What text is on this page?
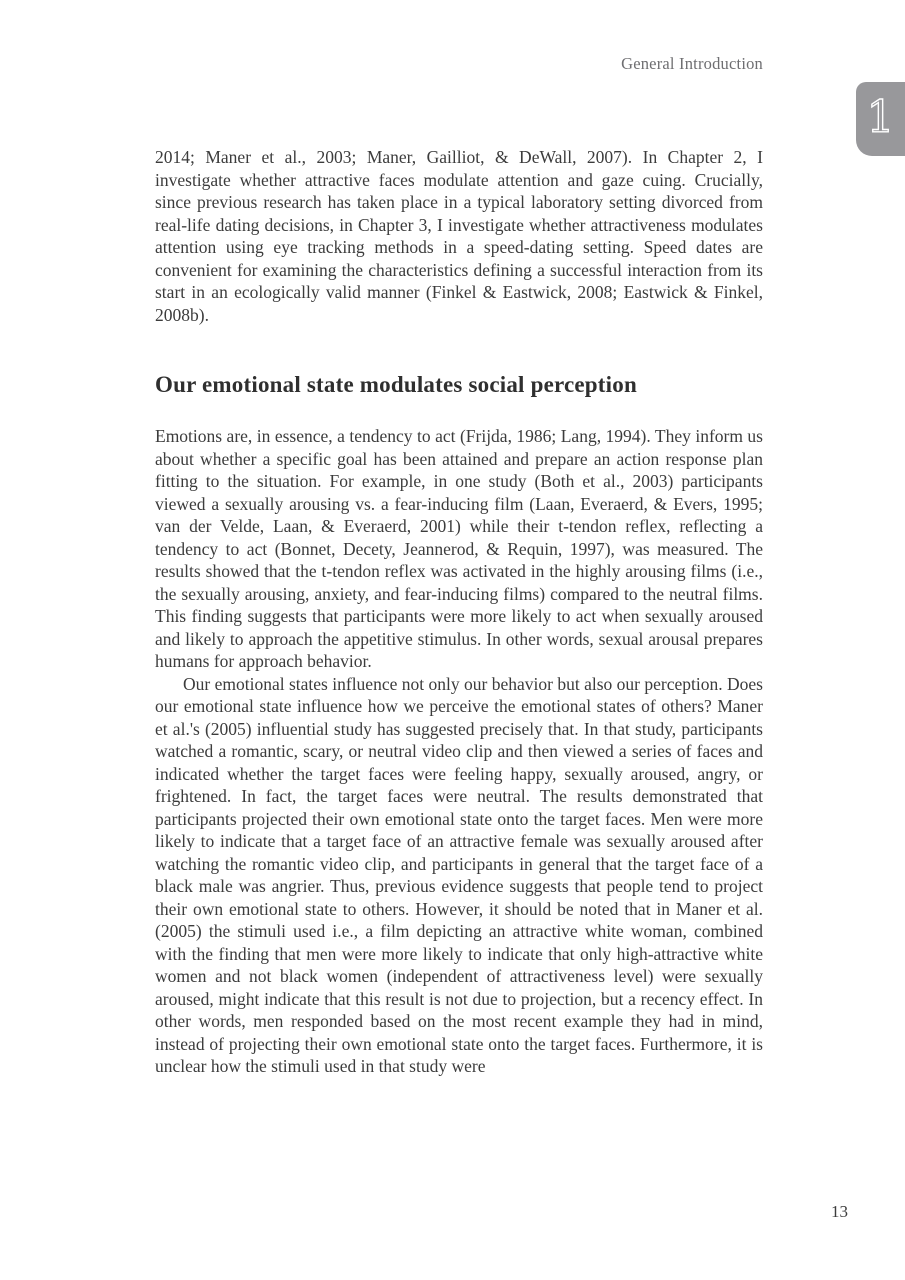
General Introduction
1

2014; Maner et al., 2003; Maner, Gailliot, & DeWall, 2007). In Chapter 2, I investigate whether attractive faces modulate attention and gaze cuing. Crucially, since previous research has taken place in a typical laboratory setting divorced from real-life dating decisions, in Chapter 3, I investigate whether attractiveness modulates attention using eye tracking methods in a speed-dating setting. Speed dates are convenient for examining the characteristics defining a successful interaction from its start in an ecologically valid manner (Finkel & Eastwick, 2008; Eastwick & Finkel, 2008b).

Our emotional state modulates social perception

Emotions are, in essence, a tendency to act (Frijda, 1986; Lang, 1994). They inform us about whether a specific goal has been attained and prepare an action response plan fitting to the situation. For example, in one study (Both et al., 2003) participants viewed a sexually arousing vs. a fear-inducing film (Laan, Everaerd, & Evers, 1995; van der Velde, Laan, & Everaerd, 2001) while their t-tendon reflex, reflecting a tendency to act (Bonnet, Decety, Jeannerod, & Requin, 1997), was measured. The results showed that the t-tendon reflex was activated in the highly arousing films (i.e., the sexually arousing, anxiety, and fear-inducing films) compared to the neutral films. This finding suggests that participants were more likely to act when sexually aroused and likely to approach the appetitive stimulus. In other words, sexual arousal prepares humans for approach behavior.

Our emotional states influence not only our behavior but also our perception. Does our emotional state influence how we perceive the emotional states of others? Maner et al.'s (2005) influential study has suggested precisely that. In that study, participants watched a romantic, scary, or neutral video clip and then viewed a series of faces and indicated whether the target faces were feeling happy, sexually aroused, angry, or frightened. In fact, the target faces were neutral. The results demonstrated that participants projected their own emotional state onto the target faces. Men were more likely to indicate that a target face of an attractive female was sexually aroused after watching the romantic video clip, and participants in general that the target face of a black male was angrier. Thus, previous evidence suggests that people tend to project their own emotional state to others. However, it should be noted that in Maner et al. (2005) the stimuli used i.e., a film depicting an attractive white woman, combined with the finding that men were more likely to indicate that only high-attractive white women and not black women (independent of attractiveness level) were sexually aroused, might indicate that this result is not due to projection, but a recency effect. In other words, men responded based on the most recent example they had in mind, instead of projecting their own emotional state onto the target faces. Furthermore, it is unclear how the stimuli used in that study were

13
